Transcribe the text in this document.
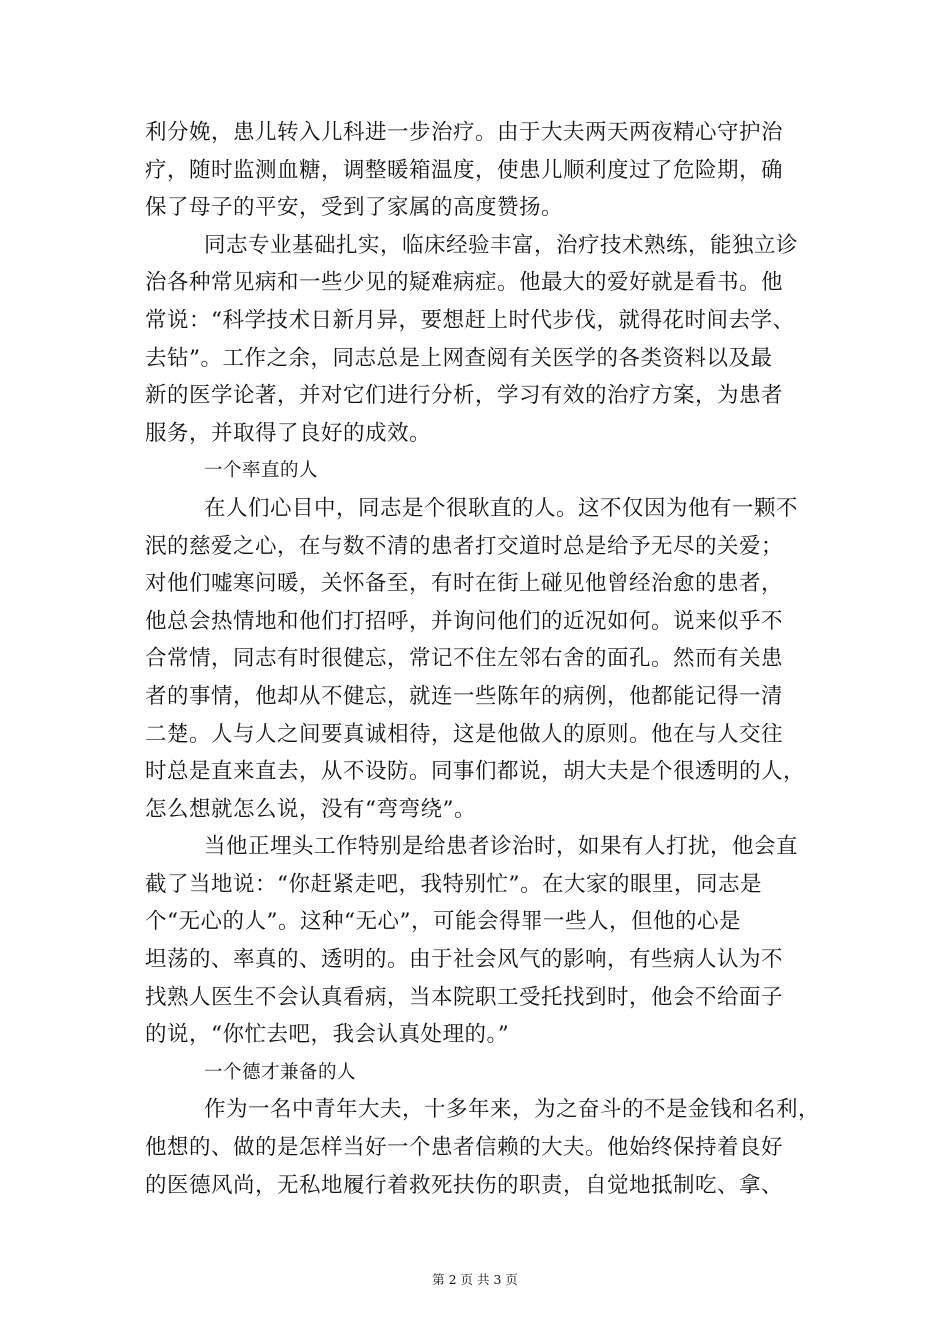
利分娩，患儿转入儿科进一步治疗。由于大夫两天两夜精心守护治
疗，随时监测血糖，调整暖箱温度，使患儿顺利度过了危险期，确
保了母子的平安，受到了家属的高度赞扬。
同志专业基础扎实，临床经验丰富，治疗技术熟练，能独立诊
治各种常见病和一些少见的疑难病症。他最大的爱好就是看书。他
常说：“科学技术日新月异，要想赶上时代步伐，就得花时间去学、
去钻”。工作之余，同志总是上网查阅有关医学的各类资料以及最
新的医学论著，并对它们进行分析，学习有效的治疗方案，为患者
服务，并取得了良好的成效。
一个率直的人
在人们心目中，同志是个很耿直的人。这不仅因为他有一颗不
泯的慈爱之心，在与数不清的患者打交道时总是给予无尽的关爱；
对他们嘘寒问暖，关怀备至，有时在街上碰见他曾经治愈的患者，
他总会热情地和他们打招呼，并询问他们的近况如何。说来似乎不
合常情，同志有时很健忘，常记不住左邻右舍的面孔。然而有关患
者的事情，他却从不健忘，就连一些陈年的病例，他都能记得一清
二楚。人与人之间要真诚相待，这是他做人的原则。他在与人交往
时总是直来直去，从不设防。同事们都说，胡大夫是个很透明的人，
怎么想就怎么说，没有“弯弯绕”。
当他正埋头工作特别是给患者诊治时，如果有人打扰，他会直
截了当地说：“你赶紧走吧，我特别忙”。在大家的眼里，同志是
个“无心的人”。这种“无心”，可能会得罪一些人，但他的心是
坦荡的、率真的、透明的。由于社会风气的影响，有些病人认为不
找熟人医生不会认真看病，当本院职工受托找到时，他会不给面子
的说，“你忙去吧，我会认真处理的。”
一个德才兼备的人
作为一名中青年大夫，十多年来，为之奋斗的不是金钱和名利，
他想的、做的是怎样当好一个患者信赖的大夫。他始终保持着良好
的医德风尚，无私地履行着救死扶伤的职责，自觉地抵制吃、拿、
第 2 页 共 3 页
